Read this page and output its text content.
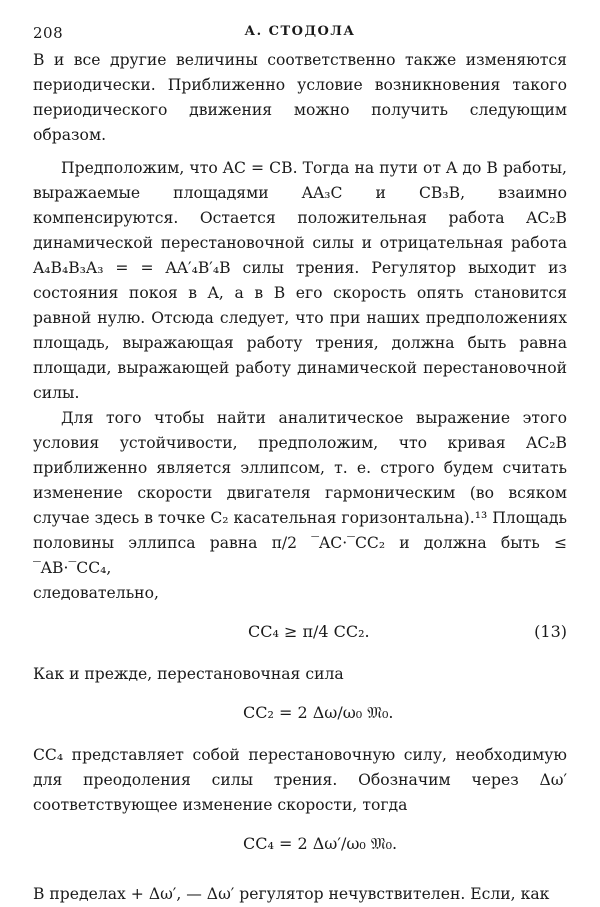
208	А. СТОДОЛА

B и все другие величины соответственно также изменяются периодически. Приближенно условие возникновения такого периодического движения можно получить следующим образом.

Предположим, что AC = CB. Тогда на пути от A до B работы, выражаемые площадями AA₃C и CB₃B, взаимно компенсируются. Остается положительная работа AC₂B динамической перестановочной силы и отрицательная работа A₄B₄B₃A₃ = = AA′₄B′₄B силы трения. Регулятор выходит из состояния покоя в A, а в B его скорость опять становится равной нулю. Отсюда следует, что при наших предположениях площадь, выражающая работу трения, должна быть равна площади, выражающей работу динамической перестановочной силы.

Для того чтобы найти аналитическое выражение этого условия устойчивости, предположим, что кривая AC₂B приближенно является эллипсом, т. е. строго будем считать изменение скорости двигателя гармоническим (во всяком случае здесь в точке C₂ касательная горизонтальна).¹³ Площадь половины эллипса равна π/2 ‾AC·‾CC₂ и должна быть ≤ ‾AB·‾CC₄,

следовательно,

CC₄ ≥ π/4 CC₂.	(13)

Как и прежде, перестановочная сила

CC₂ = 2 Δω/ω₀ 𝔐₀.

CC₄ представляет собой перестановочную силу, необходимую для преодоления силы трения. Обозначим через Δω′ соответствующее изменение скорости, тогда

CC₄ = 2 Δω′/ω₀ 𝔐₀.

В пределах + Δω′, — Δω′ регулятор нечувствителен. Если, как
